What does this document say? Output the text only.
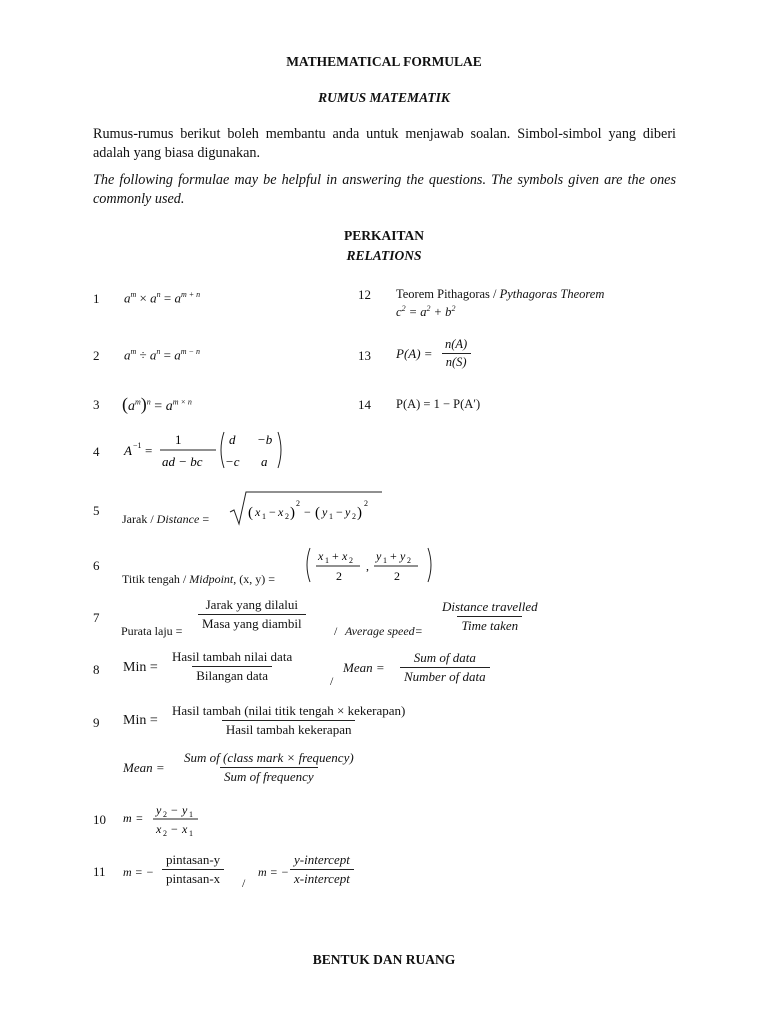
MATHEMATICAL FORMULAE
RUMUS MATEMATIK
Rumus-rumus berikut boleh membantu anda untuk menjawab soalan. Simbol-simbol yang diberi adalah yang biasa digunakan.
The following formulae may be helpful in answering the questions. The symbols given are the ones commonly used.
PERKAITAN
RELATIONS
1
2
3
4
5
6
7
8
9
10
11
12
13
14
$a^m \times a^n = a^{m + n}$
$a^m \div a^n = a^{m - n}$
$(a^m)^n = a^{m \times n}$
A −1 =
1
ad − bc
d −b
−c a
Jarak / Distance =	( x 1 − x 2 )
2
− ( y 1 − y 2 )
2
Titik tengah / Midpoint, (x, y) =
x 1 + x 2
2
,
y 1 + y 2
2
Purata laju =
Jarak yang dilalui
Masa yang diambil	/ Average speed=
Distance travelled
Time taken
Min =
Hasil tambah nilai data
Bilangan data	/
Mean =
Sum of data
Number of data
Min =
Hasil tambah (nilai titik tengah × kekerapan)
Hasil tambah kekerapan
Mean =
Sum of (class mark × frequency)
Sum of frequency
m =
y 2 − y 1
x 2 − x 1
m = −
pintasan-y
pintasan-x	/
m = −
y-intercept
x-intercept
Teorem Pithagoras / Pythagoras Theorem
$c^2 = a^2 + b^2$
$P(A) = \frac{n(A)}{n(S)}$
P(A) = 1 − P(A′)
BENTUK DAN RUANG
